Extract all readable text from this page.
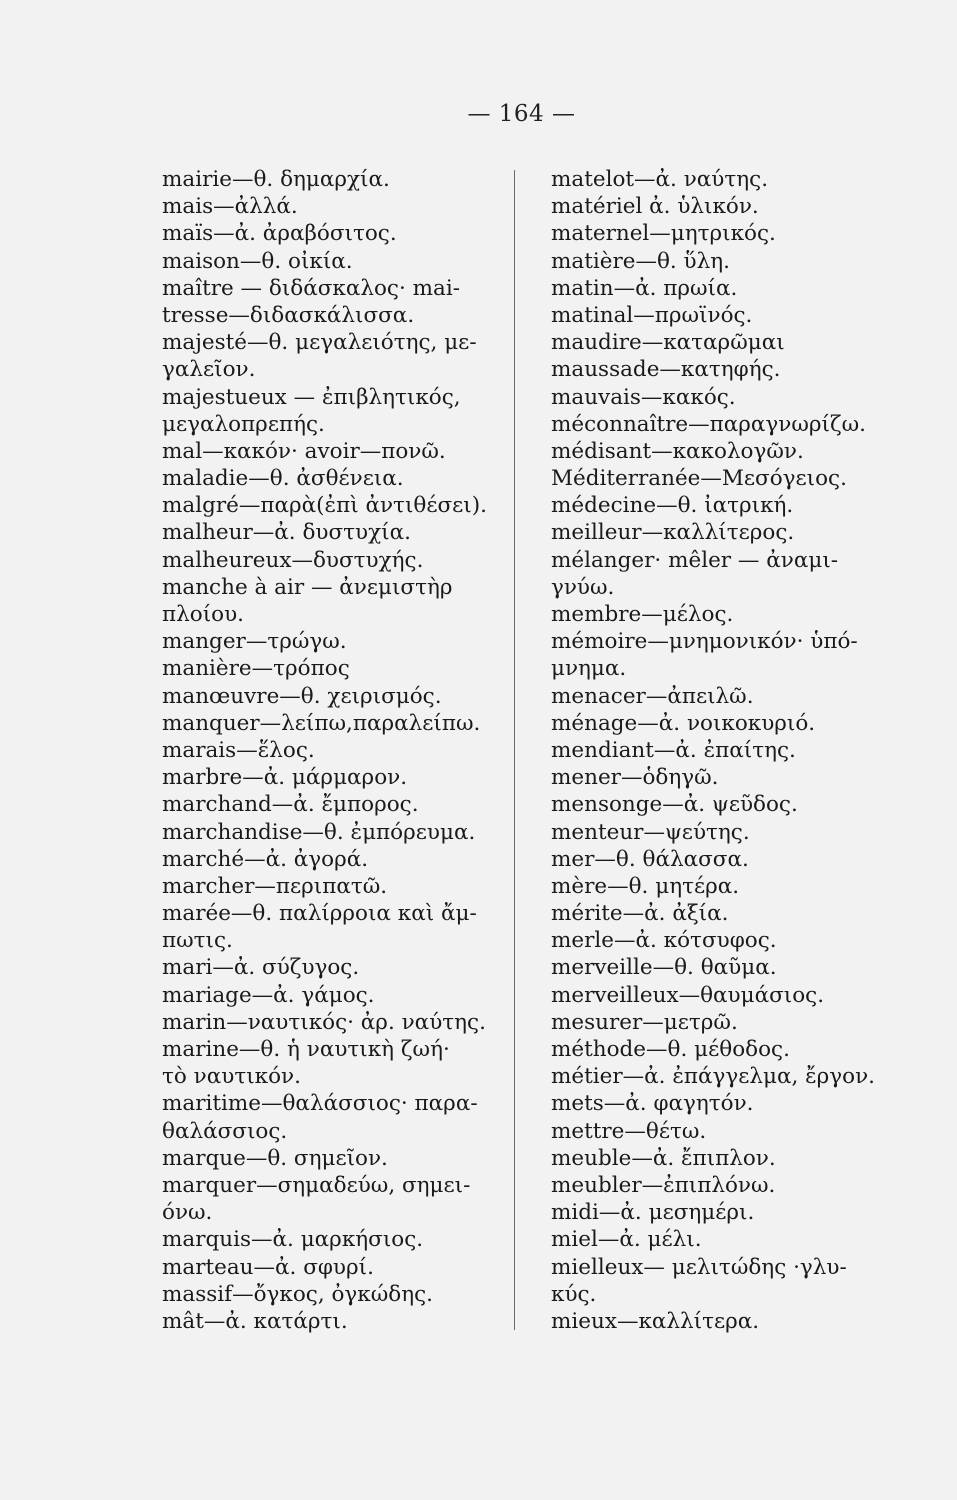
— 164 —
mairie—θ. δημαρχία.
mais—ἀλλά.
maïs—ἀ. ἀραβόσιτος.
maison—θ. οἰκία.
maître — διδάσκαλος· mai-
tresse—διδασκάλισσα.
majesté—θ. μεγαλειότης, με-
γαλεῖον.
majestueux — ἐπιβλητικός,
μεγαλοπρεπής.
mal—κακόν· avoir—πονῶ.
maladie—θ. ἀσθένεια.
malgré—παρὰ(ἐπὶ ἀντιθέσει).
malheur—ἀ. δυστυχία.
malheureux—δυστυχής.
manche à air — ἀνεμιστὴρ
πλοίου.
manger—τρώγω.
manière—τρόπος
manœuvre—θ. χειρισμός.
manquer—λείπω,παραλείπω.
marais—ἕλος.
marbre—ἀ. μάρμαρον.
marchand—ἀ. ἔμπορος.
marchandise—θ. ἐμπόρευμα.
marché—ἀ. ἀγορά.
marcher—περιπατῶ.
marée—θ. παλίρροια καὶ ἄμ-
πωτις.
mari—ἀ. σύζυγος.
mariage—ἀ. γάμος.
marin—ναυτικός· ἀρ. ναύτης.
marine—θ. ἡ ναυτικὴ ζωή·
τὸ ναυτικόν.
maritime—θαλάσσιος· παρα-
θαλάσσιος.
marque—θ. σημεῖον.
marquer—σημαδεύω, σημει-
όνω.
marquis—ἀ. μαρκήσιος.
marteau—ἀ. σφυρί.
massif—ὄγκος, ὀγκώδης.
mât—ἀ. κατάρτι.
matelot—ἀ. ναύτης.
matériel ἀ. ὑλικόν.
maternel—μητρικός.
matière—θ. ὕλη.
matin—ἀ. πρωία.
matinal—πρωϊνός.
maudire—καταρῶμαι
maussade—κατηφής.
mauvais—κακός.
méconnaître—παραγνωρίζω.
médisant—κακολογῶν.
Méditerranée—Μεσόγειος.
médecine—θ. ἰατρική.
meilleur—καλλίτερος.
mélanger· mêler — ἀναμι-
γνύω.
membre—μέλος.
mémoire—μνημονικόν· ὑπό-
μνημα.
menacer—ἀπειλῶ.
ménage—ἀ. νοικοκυριό.
mendiant—ἀ. ἐπαίτης.
mener—ὁδηγῶ.
mensonge—ἀ. ψεῦδος.
menteur—ψεύτης.
mer—θ. θάλασσα.
mère—θ. μητέρα.
mérite—ἀ. ἀξία.
merle—ἀ. κότσυφος.
merveille—θ. θαῦμα.
merveilleux—θαυμάσιος.
mesurer—μετρῶ.
méthode—θ. μέθοδος.
métier—ἀ. ἐπάγγελμα, ἔργον.
mets—ἀ. φαγητόν.
mettre—θέτω.
meuble—ἀ. ἔπιπλον.
meubler—ἐπιπλόνω.
midi—ἀ. μεσημέρι.
miel—ἀ. μέλι.
mielleux— μελιτώδης ·γλυ-
κύς.
mieux—καλλίτερα.
